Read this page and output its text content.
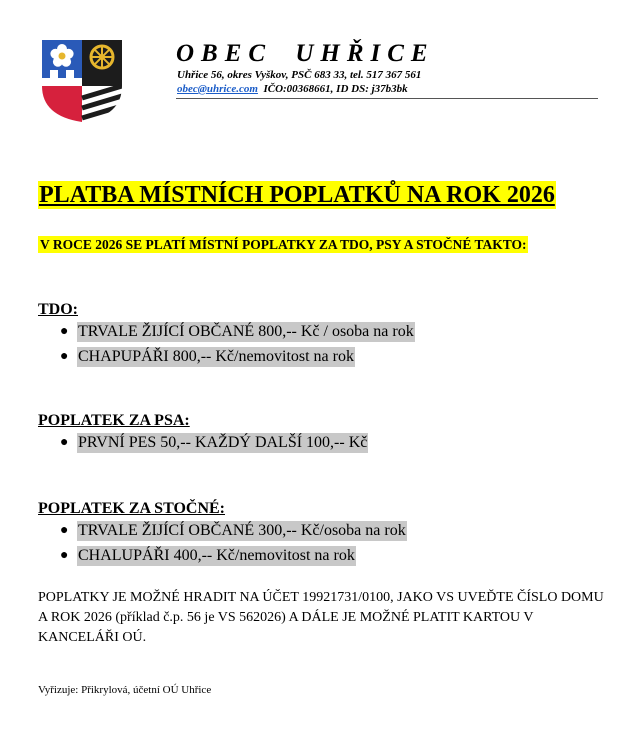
OBEC UHŘICE
Uhřice 56, okres Vyškov, PSČ 683 33, tel. 517 367 561
obec@uhrice.com IČO:00368661, ID DS: j37b3bk
PLATBA MÍSTNÍCH POPLATKŮ NA ROK 2026
V ROCE 2026 SE PLATÍ MÍSTNÍ POPLATKY ZA TDO, PSY A STOČNÉ TAKTO:
TDO:
● TRVALE ŽIJÍCÍ OBČANÉ 800,-- Kč / osoba na rok
● CHAPUPÁŘI 800,-- Kč/nemovitost na rok
POPLATEK ZA PSA:
● PRVNÍ PES 50,-- KAŽDÝ DALŠÍ 100,-- Kč
POPLATEK ZA STOČNÉ:
● TRVALE ŽIJÍCÍ OBČANÉ 300,-- Kč/osoba na rok
● CHALUPÁŘI 400,-- Kč/nemovitost na rok
POPLATKY JE MOŽNÉ HRADIT NA ÚČET 19921731/0100, JAKO VS UVEĎTE ČÍSLO DOMU A ROK 2026 (příklad č.p. 56 je VS 562026) A DÁLE JE MOŽNÉ PLATIT KARTOU V KANCELÁŘI OÚ.
Vyřizuje: Přikrylová, účetní OÚ Uhřice
